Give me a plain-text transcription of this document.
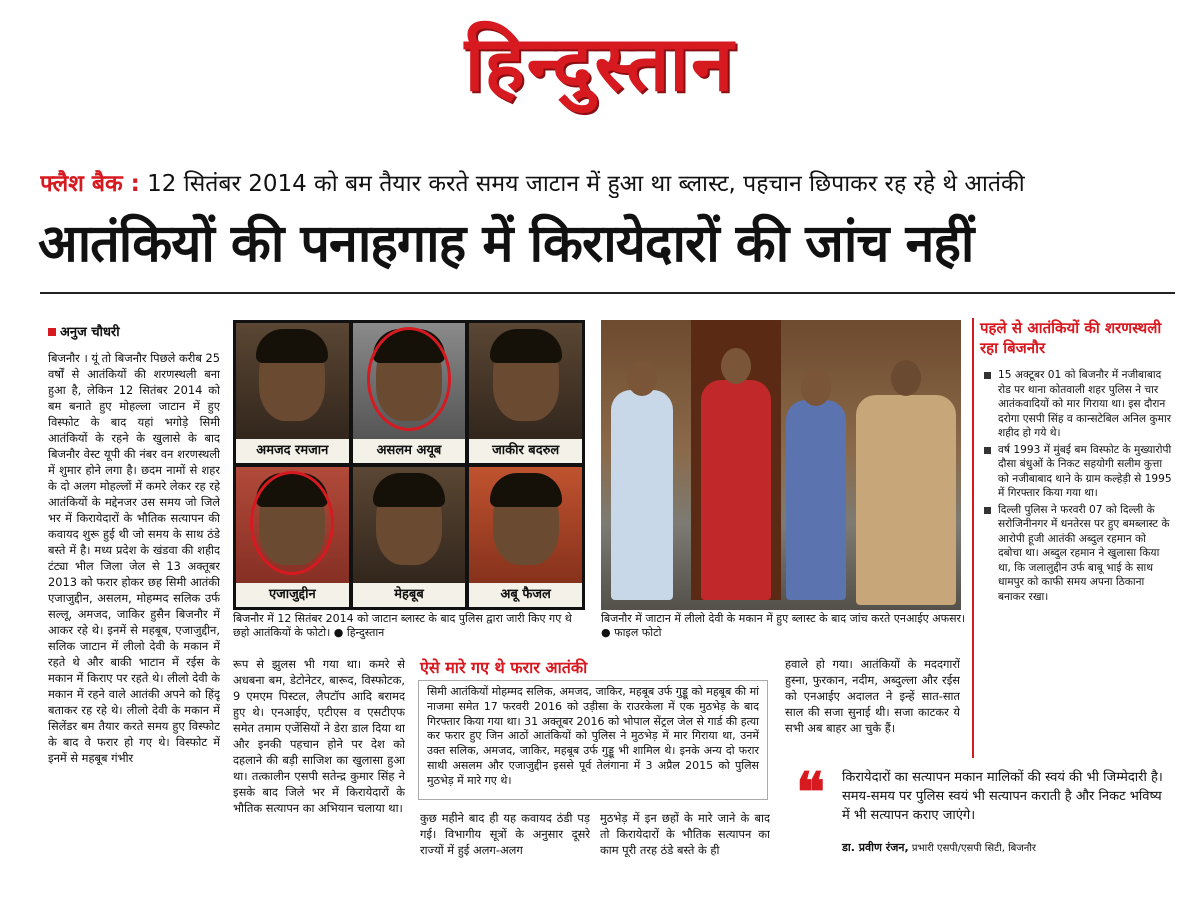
हिन्दुस्तान
फ्लैश बैक : 12 सितंबर 2014 को बम तैयार करते समय जाटान में हुआ था ब्लास्ट, पहचान छिपाकर रह रहे थे आतंकी
आतंकियों की पनाहगाह में किरायेदारों की जांच नहीं
अनुज चौधरी
बिजनौर । यूं तो बिजनौर पिछले करीब 25 वर्षों से आतंकियों की शरणस्थली बना हुआ है, लेकिन 12 सितंबर 2014 को बम बनाते हुए मोहल्ला जाटान में हुए विस्फोट के बाद यहां भगोड़े सिमी आतंकियों के रहने के खुलासे के बाद बिजनौर वेस्ट यूपी की नंबर वन शरणस्थली में शुमार होने लगा है। छदम नामों से शहर के दो अलग मोहल्लों में कमरे लेकर रह रहे आतंकियों के मद्देनजर उस समय जो जिले भर में किरायेदारों के भौतिक सत्यापन की कवायद शुरू हुई थी जो समय के साथ ठंडे बस्ते में है। मध्य प्रदेश के खंडवा की शहीद टंट्या भील जिला जेल से 13 अक्तूबर 2013 को फरार होकर छह सिमी आतंकी एजाजुद्दीन, असलम, मोहम्मद सलिक उर्फ सल्लू, अमजद, जाकिर हुसैन बिजनौर में आकर रहे थे। इनमें से महबूब, एजाजुद्दीन, सलिक जाटान में लीलो देवी के मकान में रहते थे और बाकी भाटान में रईस के मकान में किराए पर रहते थे। लीलो देवी के मकान में रहने वाले आतंकी अपने को हिंदू बताकर रह रहे थे। लीलो देवी के मकान में सिलेंडर बम तैयार करते समय हुए विस्फोट के बाद वे फरार हो गए थे। विस्फोट में इनमें से महबूब गंभीर
अमजद रमजान	असलम अयूब	जाकीर बदरुल
एजाजुद्दीन	मेहबूब	अबू फैजल
बिजनौर में 12 सितंबर 2014 को जाटान ब्लास्ट के बाद पुलिस द्वारा जारी किए गए थे छहो आतंकियों के फोटो। ● हिन्दुस्तान
बिजनौर में जाटान में लीलो देवी के मकान में हुए ब्लास्ट के बाद जांच करते एनआईए अफसर। ● फाइल फोटो
पहले से आतंकियों की शरणस्थली रहा बिजनौर
15 अक्टूबर 01 को बिजनौर में नजीबाबाद रोड पर थाना कोतवाली शहर पुलिस ने चार आतंकवादियों को मार गिराया था। इस दौरान दरोगा एसपी सिंह व कान्सटेबिल अनिल कुमार शहीद हो गये थे।
वर्ष 1993 में मुंबई बम विस्फोट के मुख्यारोपी दौसा बंधुओं के निकट सहयोगी सलीम कुत्ता को नजीबाबाद थाने के ग्राम कल्हेड़ी से 1995 में गिरफ्तार किया गया था।
दिल्ली पुलिस ने फरवरी 07 को दिल्ली के सरोजिनीनगर में धनतेरस पर हुए बमब्लास्ट के आरोपी हूजी आतंकी अब्दुल रहमान को दबोचा था। अब्दुल रहमान ने खुलासा किया था, कि जलालुद्दीन उर्फ बाबू भाई के साथ धामपुर को काफी समय अपना ठिकाना बनाकर रखा।
रूप से झुलस भी गया था। कमरे से अधबना बम, डेटोनेटर, बारूद, विस्फोटक, 9 एमएम पिस्टल, लैपटॉप आदि बरामद हुए थे। एनआईए, एटीएस व एसटीएफ समेत तमाम एजेंसियों ने डेरा डाल दिया था और इनकी पहचान होने पर देश को दहलाने की बड़ी साजिश का खुलासा हुआ था। तत्कालीन एसपी सतेन्द्र कुमार सिंह ने इसके बाद जिले भर में किरायेदारों के भौतिक सत्यापन का अभियान चलाया था।
ऐसे मारे गए थे फरार आतंकी
सिमी आतंकियों मोहम्मद सलिक, अमजद, जाकिर, महबूब उर्फ गुड्डू को महबूब की मां नाजमा समेत 17 फरवरी 2016 को उड़ीसा के राउरकेला में एक मुठभेड़ के बाद गिरफ्तार किया गया था। 31 अक्तूबर 2016 को भोपाल सेंट्रल जेल से गार्ड की हत्या कर फरार हुए जिन आठों आतंकियों को पुलिस ने मुठभेड़ में मार गिराया था, उनमें उक्त सलिक, अमजद, जाकिर, महबूब उर्फ गुड्डू भी शामिल थे। इनके अन्य दो फरार साथी असलम और एजाजुद्दीन इससे पूर्व तेलंगाना में 3 अप्रैल 2015 को पुलिस मुठभेड़ में मारे गए थे।
कुछ महीने बाद ही यह कवायद ठंडी पड़ गई। विभागीय सूत्रों के अनुसार दूसरे राज्यों में हुई अलग-अलग
मुठभेड़ में इन छहों के मारे जाने के बाद तो किरायेदारों के भौतिक सत्यापन का काम पूरी तरह ठंडे बस्ते के ही
हवाले हो गया। आतंकियों के मददगारों हुस्ना, फुरकान, नदीम, अब्दुल्ला और रईस को एनआईए अदालत ने इन्हें सात-सात साल की सजा सुनाई थी। सजा काटकर ये सभी अब बाहर आ चुके हैं।
❝ किरायेदारों का सत्यापन मकान मालिकों की स्वयं की भी जिम्मेदारी है। समय-समय पर पुलिस स्वयं भी सत्यापन कराती है और निकट भविष्य में भी सत्यापन कराए जाएंगे।
डा. प्रवीण रंजन, प्रभारी एसपी/एसपी सिटी, बिजनौर
